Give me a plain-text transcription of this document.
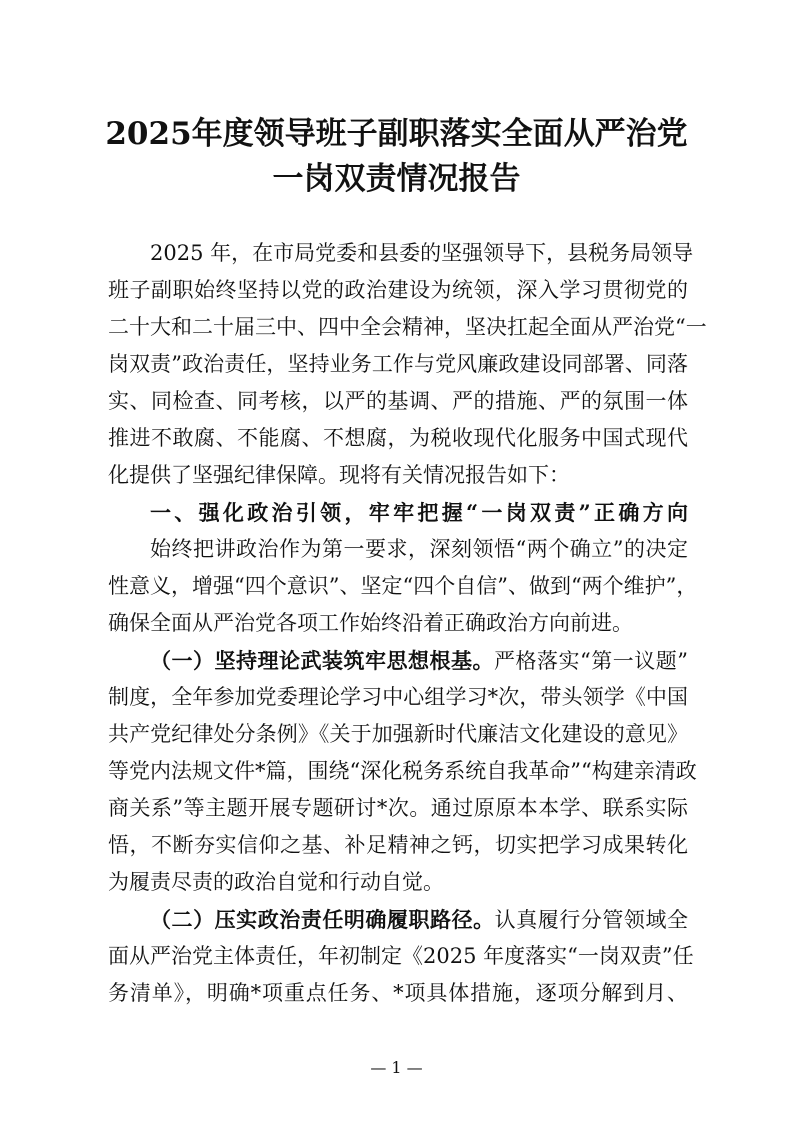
2025年度领导班子副职落实全面从严治党
一岗双责情况报告
2025 年，在市局党委和县委的坚强领导下，县税务局领导
班子副职始终坚持以党的政治建设为统领，深入学习贯彻党的
二十大和二十届三中、四中全会精神，坚决扛起全面从严治党“一
岗双责”政治责任，坚持业务工作与党风廉政建设同部署、同落
实、同检查、同考核，以严的基调、严的措施、严的氛围一体
推进不敢腐、不能腐、不想腐，为税收现代化服务中国式现代
化提供了坚强纪律保障。现将有关情况报告如下：
一、强化政治引领，牢牢把握“一岗双责”正确方向
始终把讲政治作为第一要求，深刻领悟“两个确立”的决定
性意义，增强“四个意识”、坚定“四个自信”、做到“两个维护”，
确保全面从严治党各项工作始终沿着正确政治方向前进。
（一）坚持理论武装筑牢思想根基。严格落实“第一议题”
制度，全年参加党委理论学习中心组学习*次，带头领学《中国
共产党纪律处分条例》《关于加强新时代廉洁文化建设的意见》
等党内法规文件*篇，围绕“深化税务系统自我革命”“构建亲清政
商关系”等主题开展专题研讨*次。通过原原本本学、联系实际
悟，不断夯实信仰之基、补足精神之钙，切实把学习成果转化
为履责尽责的政治自觉和行动自觉。
（二）压实政治责任明确履职路径。认真履行分管领域全
面从严治党主体责任，年初制定《2025 年度落实“一岗双责”任
务清单》，明确*项重点任务、*项具体措施，逐项分解到月、
— 1 —
